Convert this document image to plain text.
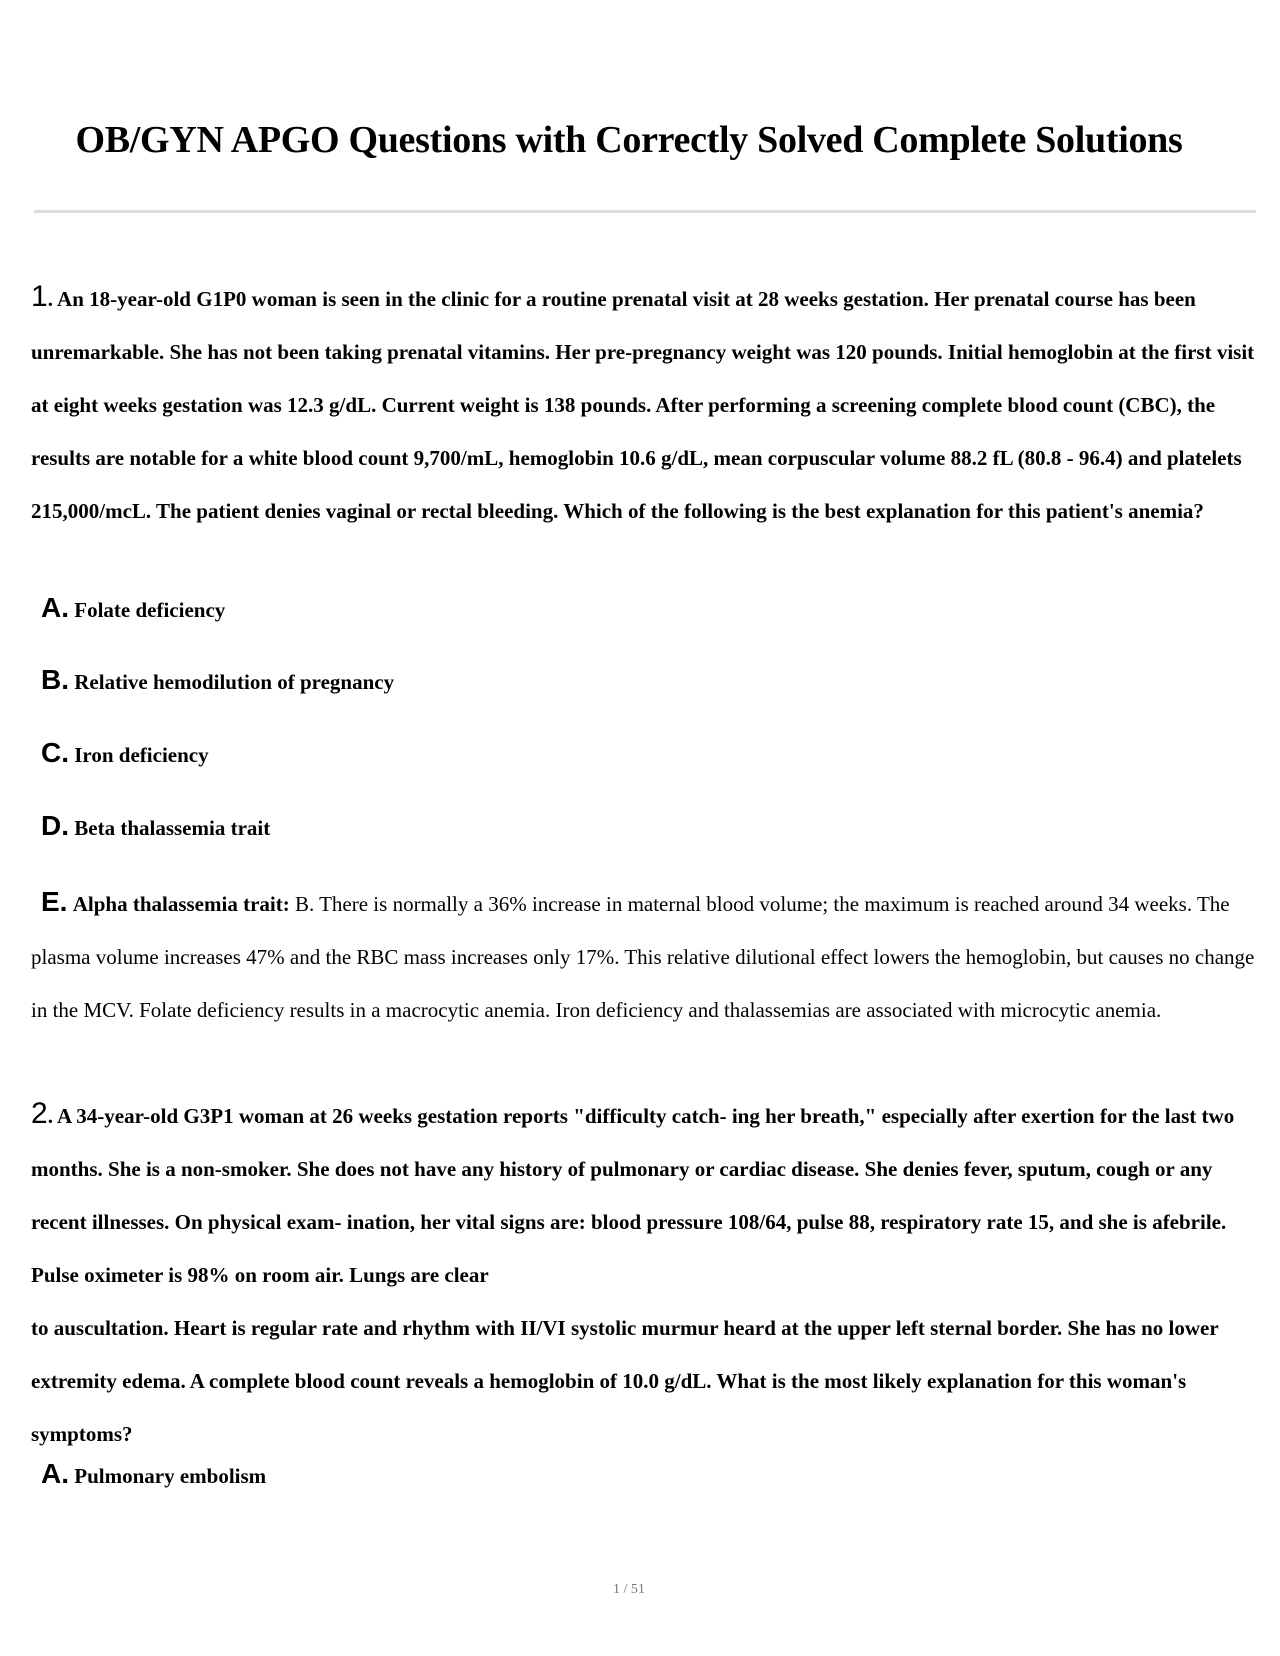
OB/GYN APGO Questions with Correctly Solved Complete Solutions

1. An 18-year-old G1P0 woman is seen in the clinic for a routine prenatal visit at 28 weeks gestation. Her prenatal course has been unremarkable. She has not been taking prenatal vitamins. Her pre-pregnancy weight was 120 pounds. Initial hemoglobin at the first visit at eight weeks gestation was 12.3 g/dL. Current weight is 138 pounds. After performing a screening complete blood count (CBC), the results are notable for a white blood count 9,700/mL, hemoglobin 10.6 g/dL, mean corpuscular volume 88.2 fL (80.8 - 96.4) and platelets 215,000/mcL. The patient denies vaginal or rectal bleeding. Which of the following is the best explanation for this patient's anemia?

A. Folate deficiency
B. Relative hemodilution of pregnancy
C. Iron deficiency
D. Beta thalassemia trait

E. Alpha thalassemia trait: B. There is normally a 36% increase in maternal blood volume; the maximum is reached around 34 weeks. The plasma volume increases 47% and the RBC mass increases only 17%. This relative dilutional effect lowers the hemoglobin, but causes no change in the MCV. Folate deficiency results in a macrocytic anemia. Iron deficiency and thalassemias are associated with microcytic anemia.

2. A 34-year-old G3P1 woman at 26 weeks gestation reports "difficulty catch- ing her breath," especially after exertion for the last two months. She is a non-smoker. She does not have any history of pulmonary or cardiac disease. She denies fever, sputum, cough or any recent illnesses. On physical exam- ination, her vital signs are: blood pressure 108/64, pulse 88, respiratory rate 15, and she is afebrile. Pulse oximeter is 98% on room air. Lungs are clear
to auscultation. Heart is regular rate and rhythm with II/VI systolic murmur heard at the upper left sternal border. She has no lower extremity edema. A complete blood count reveals a hemoglobin of 10.0 g/dL. What is the most likely explanation for this woman's symptoms?

A. Pulmonary embolism
1 / 51
